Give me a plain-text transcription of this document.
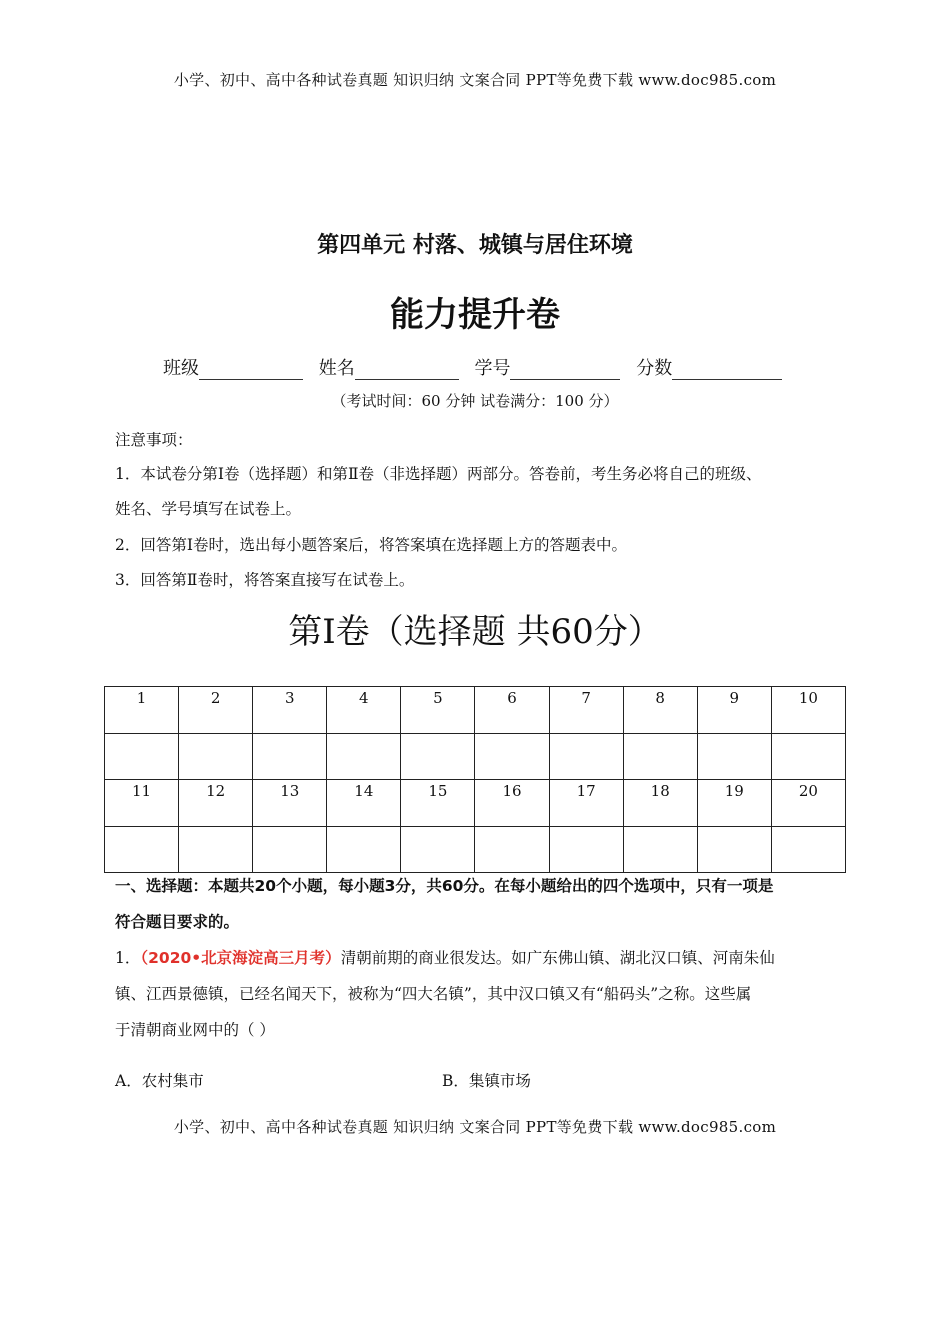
小学、初中、高中各种试卷真题 知识归纳 文案合同 PPT等免费下载 www.doc985.com
第四单元 村落、城镇与居住环境
能力提升卷
班级	姓名	学号	分数
（考试时间：60 分钟 试卷满分：100 分）
注意事项：
1．本试卷分第Ⅰ卷（选择题）和第Ⅱ卷（非选择题）两部分。答卷前，考生务必将自己的班级、
姓名、学号填写在试卷上。
2．回答第Ⅰ卷时，选出每小题答案后，将答案填在选择题上方的答题表中。
3．回答第Ⅱ卷时，将答案直接写在试卷上。
第Ⅰ卷（选择题 共60分）
1	2	3	4	5	6	7	8	9	10

11	12	13	14	15	16	17	18	19	20

一、选择题：本题共20个小题，每小题3分，共60分。在每小题给出的四个选项中，只有一项是
符合题目要求的。
1．（2020•北京海淀高三月考）清朝前期的商业很发达。如广东佛山镇、湖北汉口镇、河南朱仙
镇、江西景德镇，已经名闻天下，被称为“四大名镇”，其中汉口镇又有“船码头”之称。这些属
于清朝商业网中的（ ）
A．农村集市	B．集镇市场
小学、初中、高中各种试卷真题 知识归纳 文案合同 PPT等免费下载 www.doc985.com
